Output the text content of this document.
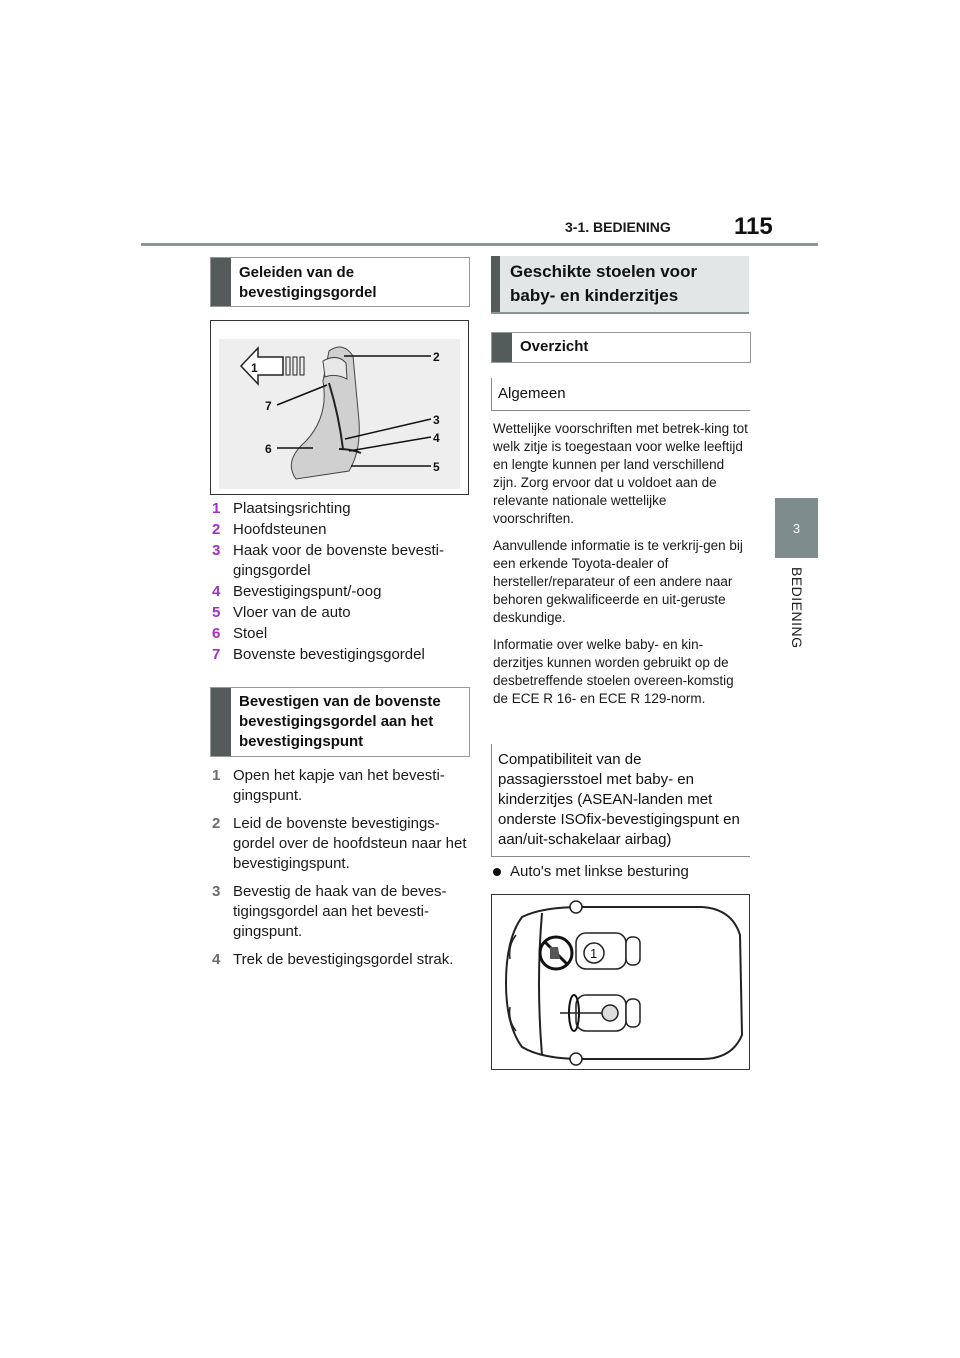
3-1. BEDIENING	115
3
BEDIENING
Geleiden van de bevestigingsgordel
1
2
3
4
5
6
7
1 Plaatsingsrichting
2 Hoofdsteunen
3 Haak voor de bovenste bevesti-gingsgordel
4 Bevestigingspunt/-oog
5 Vloer van de auto
6 Stoel
7 Bovenste bevestigingsgordel
Bevestigen van de bovenste bevestigingsgordel aan het bevestigingspunt
1 Open het kapje van het bevesti-gingspunt.
2 Leid de bovenste bevestigings-gordel over de hoofdsteun naar het bevestigingspunt.
3 Bevestig de haak van de beves-tigingsgordel aan het bevesti-gingspunt.
4 Trek de bevestigingsgordel strak.
Geschikte stoelen voor baby- en kinderzitjes
Overzicht
Algemeen
Wettelijke voorschriften met betrek-king tot welk zitje is toegestaan voor welke leeftijd en lengte kunnen per land verschillend zijn. Zorg ervoor dat u voldoet aan de relevante nationale wettelijke voorschriften.
Aanvullende informatie is te verkrij-gen bij een erkende Toyota-dealer of hersteller/reparateur of een andere naar behoren gekwalificeerde en uit-geruste deskundige.
Informatie over welke baby- en kin-derzitjes kunnen worden gebruikt op de desbetreffende stoelen overeen-komstig de ECE R 16- en ECE R 129-norm.
Compatibiliteit van de passagiersstoel met baby- en kinderzitjes (ASEAN-landen met onderste ISOfix-bevestigingspunt en aan/uit-schakelaar airbag)
Auto's met linkse besturing
1
